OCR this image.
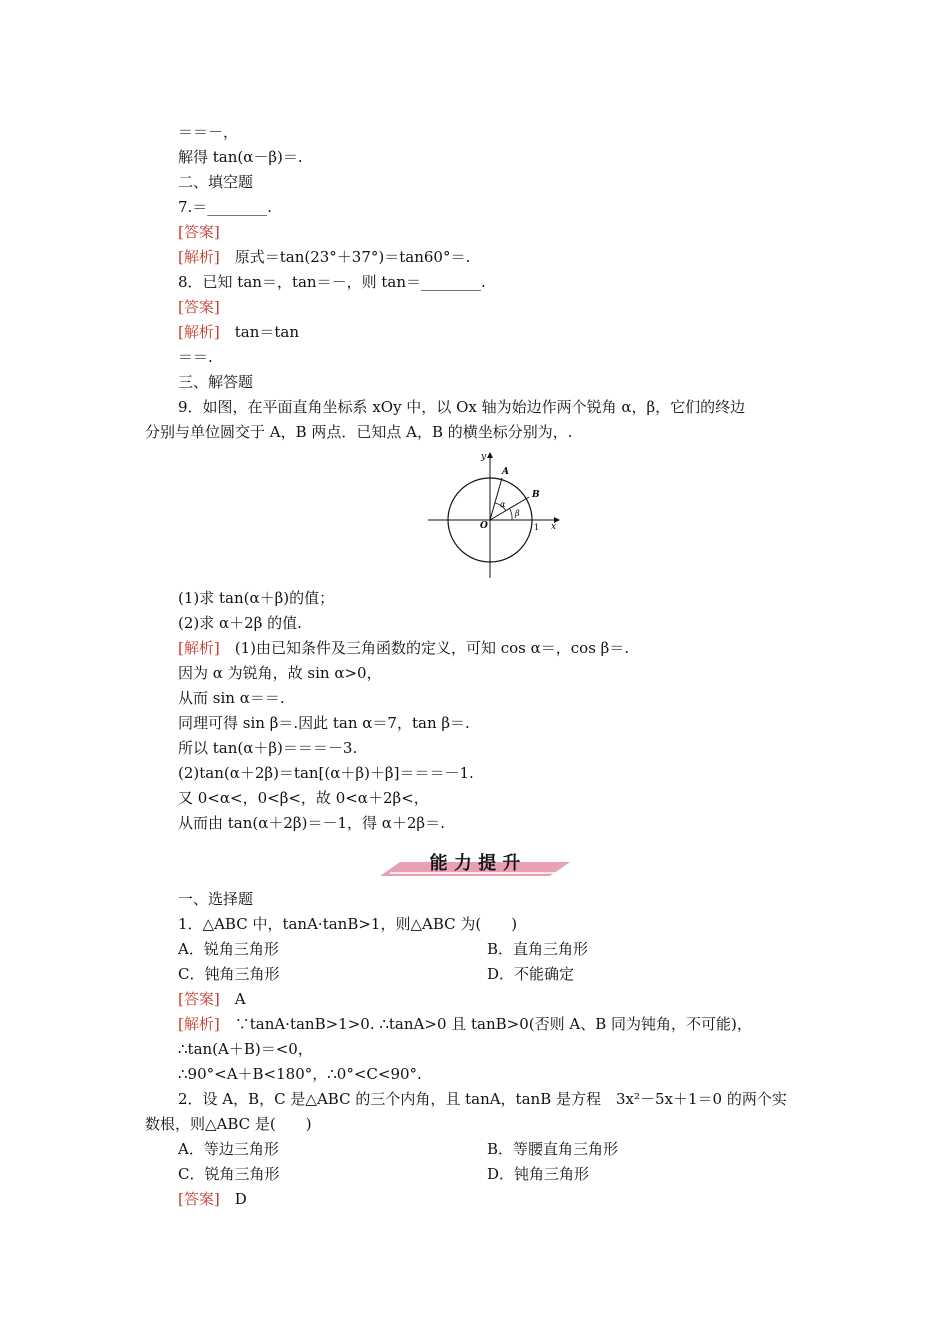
＝＝－，
解得 tan(α－β)＝.
二、填空题
7.＝________.
[答案]
[解析]　原式＝tan(23°＋37°)＝tan60°＝.
8．已知 tan＝，tan＝－，则 tan＝________.
[答案]
[解析]　tan＝tan
＝＝.
三、解答题
9．如图，在平面直角坐标系 xOy 中，以 Ox 轴为始边作两个锐角 α，β，它们的终边
分别与单位圆交于 A，B 两点．已知点 A，B 的横坐标分别为，.
y
x
O
A
B
α
β
1
(1)求 tan(α＋β)的值；
(2)求 α＋2β 的值.
[解析]　(1)由已知条件及三角函数的定义，可知 cos α＝，cos β＝.
因为 α 为锐角，故 sin α>0，
从而 sin α＝＝.
同理可得 sin β＝.因此 tan α＝7，tan β＝.
所以 tan(α＋β)＝＝＝－3.
(2)tan(α＋2β)＝tan[(α＋β)＋β]＝＝＝－1.
又 0<α<，0<β<，故 0<α＋2β<，
从而由 tan(α＋2β)＝－1，得 α＋2β＝.
能 力 提 升
一、选择题
1．△ABC 中，tanA·tanB>1，则△ABC 为(　　)
A．锐角三角形	B．直角三角形
C．钝角三角形	D．不能确定
[答案]　A
[解析]　∵tanA·tanB>1>0. ∴tanA>0 且 tanB>0(否则 A、B 同为钝角，不可能)，
∴tan(A＋B)＝<0，
∴90°<A＋B<180°，∴0°<C<90°.
2．设 A，B，C 是△ABC 的三个内角，且 tanA，tanB 是方程　3x²－5x＋1＝0 的两个实
数根，则△ABC 是(　　)
A．等边三角形	B．等腰直角三角形
C．锐角三角形	D．钝角三角形
[答案]　D
